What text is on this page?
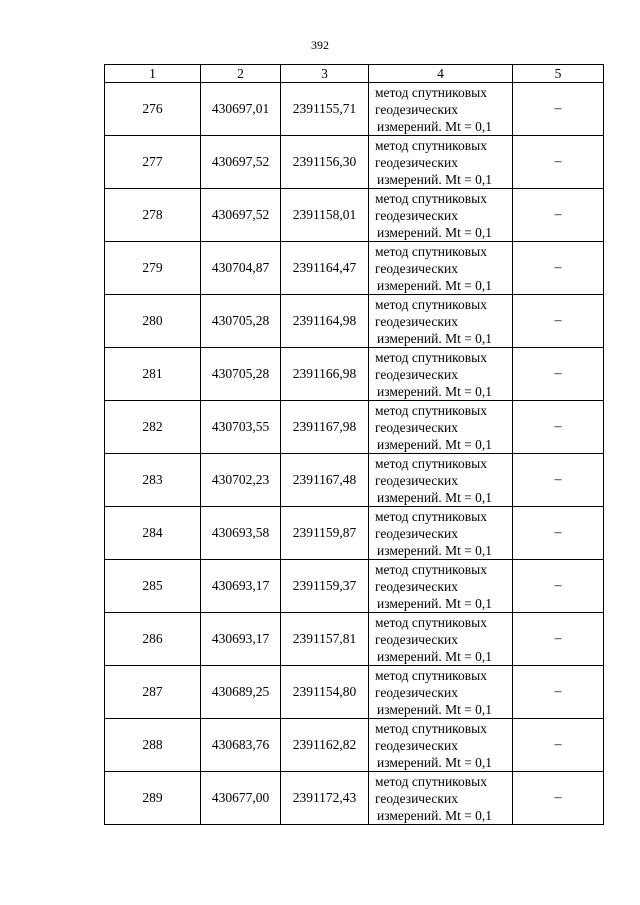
392
1	2	3	4	5
276	430697,01	2391155,71	метод спутниковых
геодезических
измерений. Mt = 0,1	–
277	430697,52	2391156,30	метод спутниковых
геодезических
измерений. Mt = 0,1	–
278	430697,52	2391158,01	метод спутниковых
геодезических
измерений. Mt = 0,1	–
279	430704,87	2391164,47	метод спутниковых
геодезических
измерений. Mt = 0,1	–
280	430705,28	2391164,98	метод спутниковых
геодезических
измерений. Mt = 0,1	–
281	430705,28	2391166,98	метод спутниковых
геодезических
измерений. Mt = 0,1	–
282	430703,55	2391167,98	метод спутниковых
геодезических
измерений. Mt = 0,1	–
283	430702,23	2391167,48	метод спутниковых
геодезических
измерений. Mt = 0,1	–
284	430693,58	2391159,87	метод спутниковых
геодезических
измерений. Mt = 0,1	–
285	430693,17	2391159,37	метод спутниковых
геодезических
измерений. Mt = 0,1	–
286	430693,17	2391157,81	метод спутниковых
геодезических
измерений. Mt = 0,1	–
287	430689,25	2391154,80	метод спутниковых
геодезических
измерений. Mt = 0,1	–
288	430683,76	2391162,82	метод спутниковых
геодезических
измерений. Mt = 0,1	–
289	430677,00	2391172,43	метод спутниковых
геодезических
измерений. Mt = 0,1	–
